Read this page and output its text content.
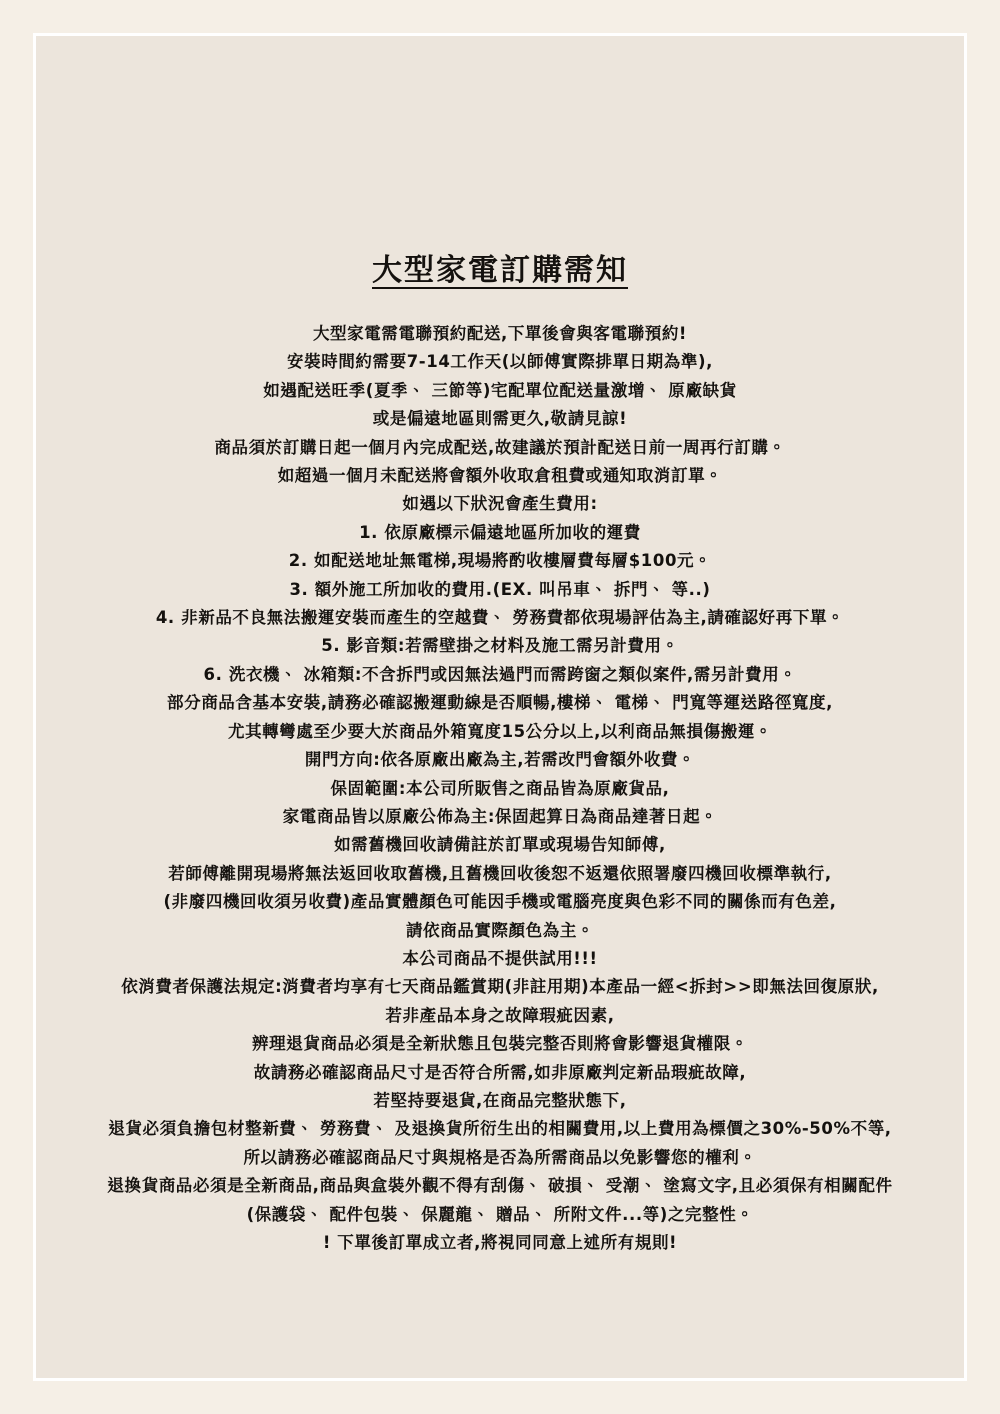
大型家電訂購需知
大型家電需電聯預約配送,下單後會與客電聯預約!
安裝時間約需要7-14工作天(以師傅實際排單日期為準),
如遇配送旺季(夏季、 三節等)宅配單位配送量激增、 原廠缺貨
或是偏遠地區則需更久,敬請見諒!
商品須於訂購日起一個月內完成配送,故建議於預計配送日前一周再行訂購。
如超過一個月未配送將會額外收取倉租費或通知取消訂單。
如遇以下狀況會產生費用:
1. 依原廠標示偏遠地區所加收的運費
2. 如配送地址無電梯,現場將酌收樓層費每層$100元。
3. 額外施工所加收的費用.(EX. 叫吊車、 拆門、 等..)
4. 非新品不良無法搬運安裝而產生的空越費、 勞務費都依現場評估為主,請確認好再下單。
5. 影音類:若需壁掛之材料及施工需另計費用。
6. 洗衣機、 冰箱類:不含拆門或因無法過門而需跨窗之類似案件,需另計費用。
部分商品含基本安裝,請務必確認搬運動線是否順暢,樓梯、 電梯、 門寬等運送路徑寬度,
尤其轉彎處至少要大於商品外箱寬度15公分以上,以利商品無損傷搬運。
開門方向:依各原廠出廠為主,若需改門會額外收費。
保固範圍:本公司所販售之商品皆為原廠貨品,
家電商品皆以原廠公佈為主:保固起算日為商品達著日起。
如需舊機回收請備註於訂單或現場告知師傅,
若師傅離開現場將無法返回收取舊機,且舊機回收後恕不返還依照署廢四機回收標準執行,
(非廢四機回收須另收費)產品實體顏色可能因手機或電腦亮度與色彩不同的關係而有色差,
請依商品實際顏色為主。
本公司商品不提供試用!!!
依消費者保護法規定:消費者均享有七天商品鑑賞期(非註用期)本產品一經<拆封>>即無法回復原狀,
若非產品本身之故障瑕疵因素,
辨理退貨商品必須是全新狀態且包裝完整否則將會影響退貨權限。
故請務必確認商品尺寸是否符合所需,如非原廠判定新品瑕疵故障,
若堅持要退貨,在商品完整狀態下,
退貨必須負擔包材整新費、 勞務費、 及退換貨所衍生出的相關費用,以上費用為標價之30%-50%不等,
所以請務必確認商品尺寸與規格是否為所需商品以免影響您的權利。
退換貨商品必須是全新商品,商品與盒裝外觀不得有刮傷、 破損、 受潮、 塗寫文字,且必須保有相關配件
(保護袋、 配件包裝、 保麗龍、 贈品、 所附文件...等)之完整性。
! 下單後訂單成立者,將視同同意上述所有規則!
